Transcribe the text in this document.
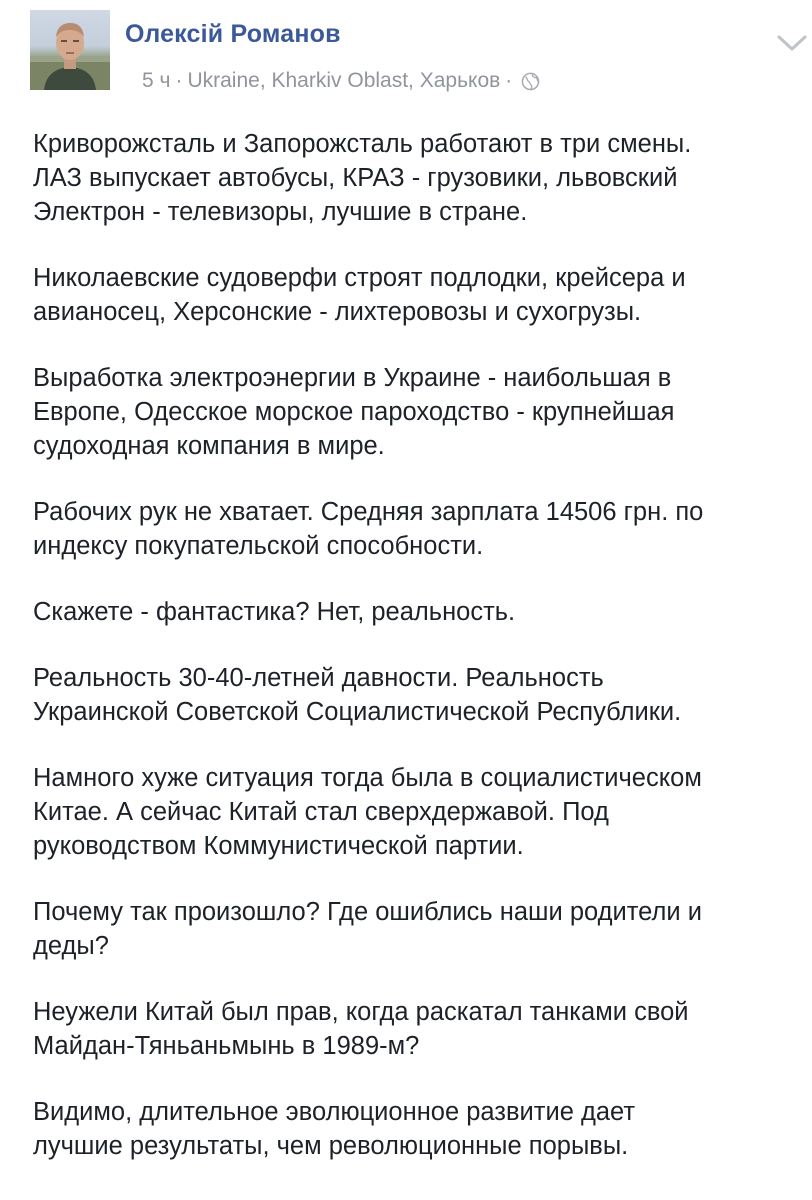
Олексій Романов
5 ч · Ukraine, Kharkiv Oblast, Харьков ·

Криворожсталь и Запорожсталь работают в три смены.
ЛАЗ выпускает автобусы, КРАЗ - грузовики, львовский
Электрон - телевизоры, лучшие в стране.

Николаевские судоверфи строят подлодки, крейсера и
авианосец, Херсонские - лихтеровозы и сухогрузы.

Выработка электроэнергии в Украине - наибольшая в
Европе, Одесское морское пароходство - крупнейшая
судоходная компания в мире.

Рабочих рук не хватает. Средняя зарплата 14506 грн. по
индексу покупательской способности.

Скажете - фантастика? Нет, реальность.

Реальность 30-40-летней давности. Реальность
Украинской Советской Социалистической Республики.

Намного хуже ситуация тогда была в социалистическом
Китае. А сейчас Китай стал сверхдержавой. Под
руководством Коммунистической партии.

Почему так произошло? Где ошиблись наши родители и
деды?

Неужели Китай был прав, когда раскатал танками свой
Майдан-Тяньаньмынь в 1989-м?

Видимо, длительное эволюционное развитие дает
лучшие результаты, чем революционные порывы.
